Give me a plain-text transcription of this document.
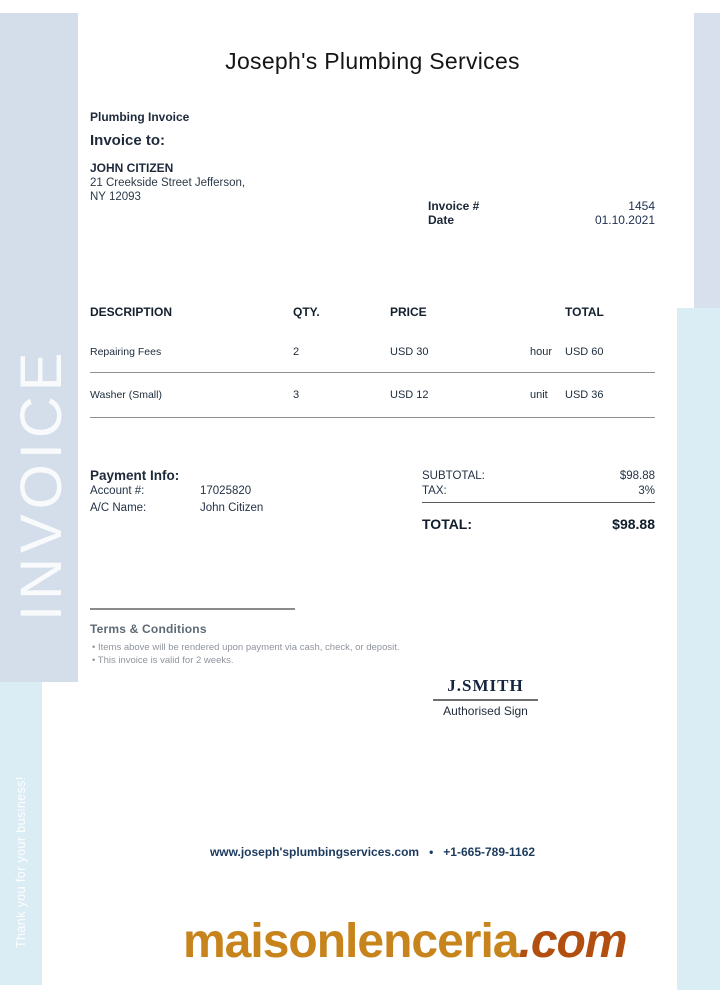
INVOICE
Thank you for your business!
Joseph's Plumbing Services
Plumbing Invoice
Invoice to:
JOHN CITIZEN
21 Creekside Street Jefferson,
NY 12093
Invoice #	1454
Date	01.10.2021
DESCRIPTION	QTY.	PRICE	TOTAL
Repairing Fees	2	USD 30	hour	USD 60
Washer (Small)	3	USD 12	unit	USD 36
Payment Info:
Account #:	17025820
A/C Name:	John Citizen
SUBTOTAL:	$98.88
TAX:	3%
TOTAL:	$98.88
Terms & Conditions
• Items above will be rendered upon payment via cash, check, or deposit.
• This invoice is valid for 2 weeks.
J.SMITH
Authorised Sign
www.joseph'splumbingservices.com • +1-665-789-1162
maisonlenceria.com
